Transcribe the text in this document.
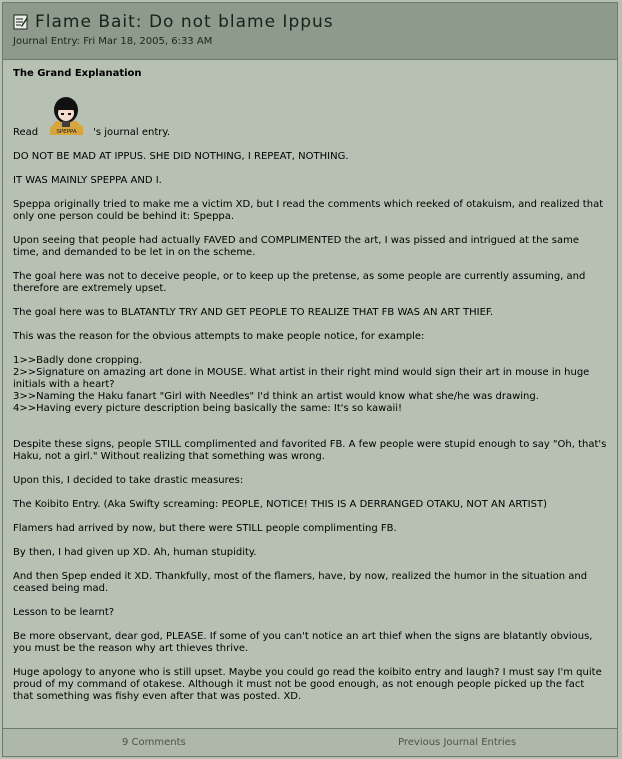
Flame Bait: Do not blame Ippus
Journal Entry: Fri Mar 18, 2005, 6:33 AM
The Grand Explanation
Read	SPEPPA 's journal entry.

DO NOT BE MAD AT IPPUS. SHE DID NOTHING, I REPEAT, NOTHING.

IT WAS MAINLY SPEPPA AND I.

Speppa originally tried to make me a victim XD, but I read the comments which reeked of otakuism, and realized that only one person could be behind it: Speppa.

Upon seeing that people had actually FAVED and COMPLIMENTED the art, I was pissed and intrigued at the same time, and demanded to be let in on the scheme.

The goal here was not to deceive people, or to keep up the pretense, as some people are currently assuming, and therefore are extremely upset.

The goal here was to BLATANTLY TRY AND GET PEOPLE TO REALIZE THAT FB WAS AN ART THIEF.

This was the reason for the obvious attempts to make people notice, for example:

1>>Badly done cropping.
2>>Signature on amazing art done in MOUSE. What artist in their right mind would sign their art in mouse in huge initials with a heart?
3>>Naming the Haku fanart "Girl with Needles" I'd think an artist would know what she/he was drawing.
4>>Having every picture description being basically the same: It's so kawaii!

Despite these signs, people STILL complimented and favorited FB. A few people were stupid enough to say "Oh, that's Haku, not a girl." Without realizing that something was wrong.

Upon this, I decided to take drastic measures:

The Koibito Entry. (Aka Swifty screaming: PEOPLE, NOTICE! THIS IS A DERRANGED OTAKU, NOT AN ARTIST)

Flamers had arrived by now, but there were STILL people complimenting FB.

By then, I had given up XD. Ah, human stupidity.

And then Spep ended it XD. Thankfully, most of the flamers, have, by now, realized the humor in the situation and ceased being mad.

Lesson to be learnt?

Be more observant, dear god, PLEASE. If some of you can't notice an art thief when the signs are blatantly obvious, you must be the reason why art thieves thrive.

Huge apology to anyone who is still upset. Maybe you could go read the koibito entry and laugh? I must say I'm quite proud of my command of otakese. Although it must not be good enough, as not enough people picked up the fact that something was fishy even after that was posted. XD.

9 Comments	Previous Journal Entries
